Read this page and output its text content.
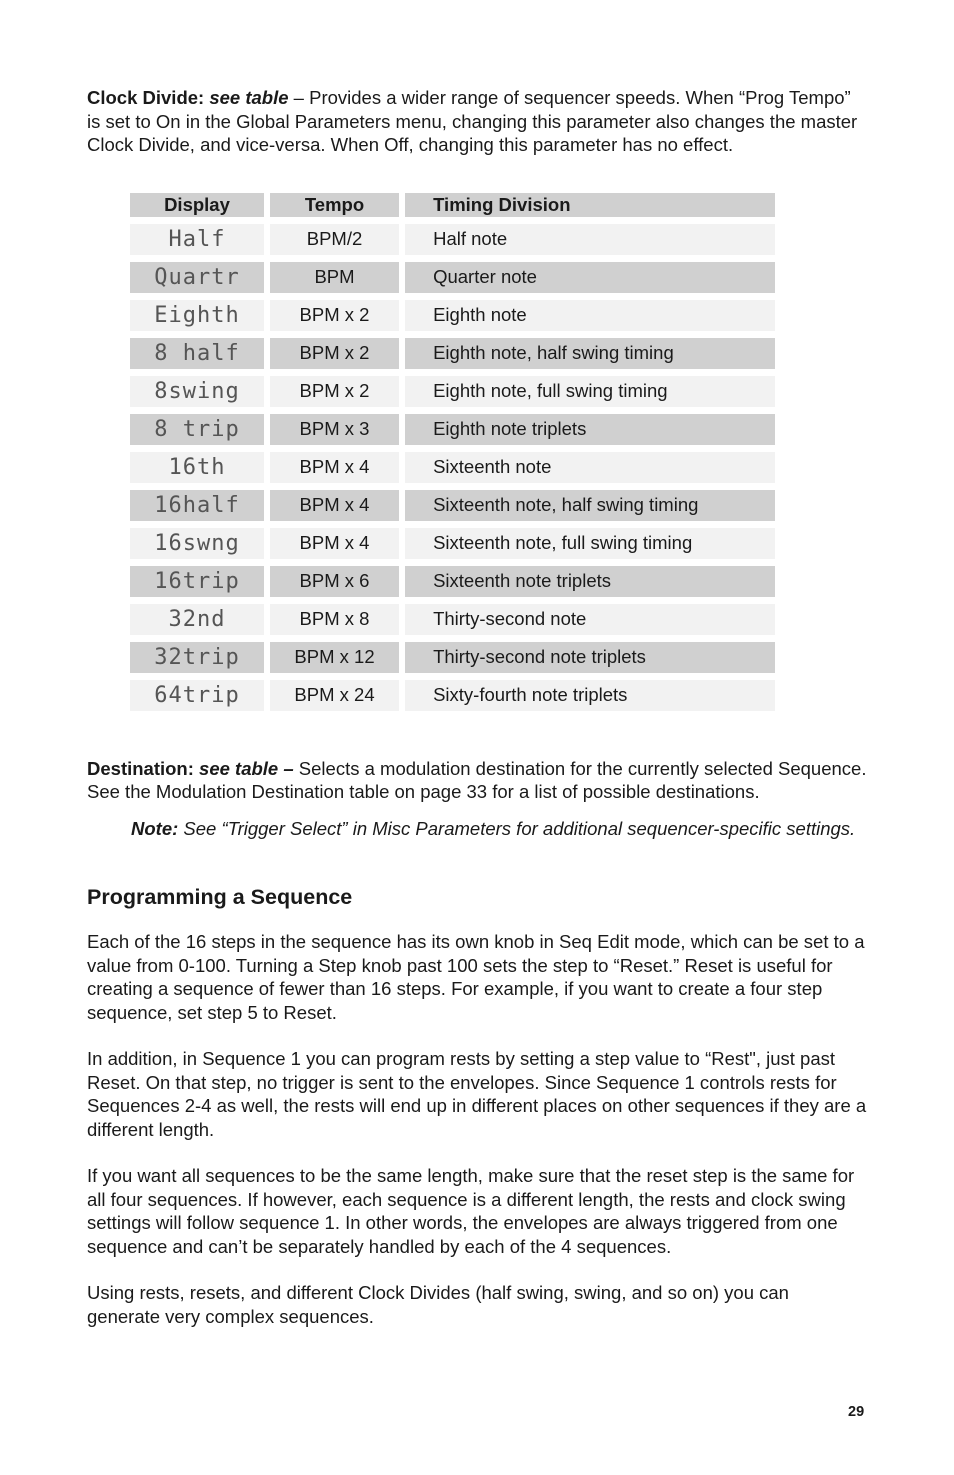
Clock Divide: see table – Provides a wider range of sequencer speeds. When “Prog Tempo” is set to On in the Global Parameters menu, changing this parameter also changes the master Clock Divide, and vice-versa. When Off, changing this parameter has no effect.

Display	Tempo	Timing Division
Half	BPM/2	Half note
Quartr	BPM	Quarter note
Eighth	BPM x 2	Eighth note
8 half	BPM x 2	Eighth note, half swing timing
8swing	BPM x 2	Eighth note, full swing timing
8 trip	BPM x 3	Eighth note triplets
16th	BPM x 4	Sixteenth note
16half	BPM x 4	Sixteenth note, half swing timing
16swng	BPM x 4	Sixteenth note, full swing timing
16trip	BPM x 6	Sixteenth note triplets
32nd	BPM x 8	Thirty-second note
32trip	BPM x 12	Thirty-second note triplets
64trip	BPM x 24	Sixty-fourth note triplets

Destination: see table – Selects a modulation destination for the currently selected Sequence. See the Modulation Destination table on page 33 for a list of possible destinations.

Note: See “Trigger Select” in Misc Parameters for additional sequencer-specific settings.

Programming a Sequence

Each of the 16 steps in the sequence has its own knob in Seq Edit mode, which can be set to a value from 0-100. Turning a Step knob past 100 sets the step to “Reset.” Reset is useful for creating a sequence of fewer than 16 steps. For example, if you want to create a four step sequence, set step 5 to Reset.

In addition, in Sequence 1 you can program rests by setting a step value to “Rest", just past Reset. On that step, no trigger is sent to the envelopes. Since Sequence 1 controls rests for Sequences 2-4 as well, the rests will end up in different places on other sequences if they are a different length.

If you want all sequences to be the same length, make sure that the reset step is the same for all four sequences. If however, each sequence is a different length, the rests and clock swing settings will follow sequence 1. In other words, the envelopes are always triggered from one sequence and can’t be separately handled by each of the 4 sequences.

Using rests, resets, and different Clock Divides (half swing, swing, and so on) you can generate very complex sequences.

29
